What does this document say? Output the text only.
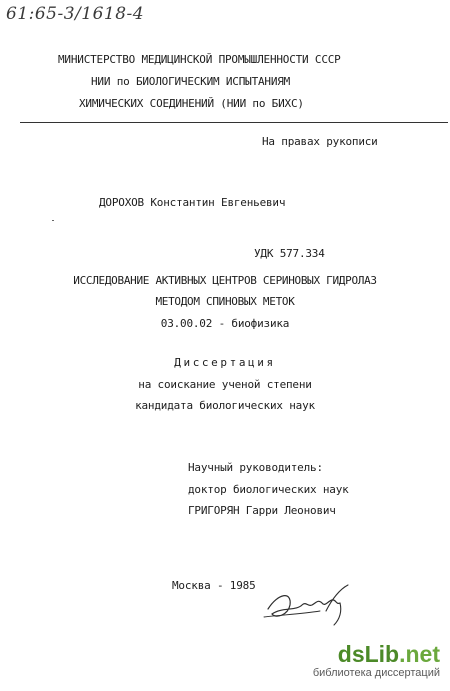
61:65-3/1618-4
МИНИСТЕРСТВО МЕДИЦИНСКОЙ ПРОМЫШЛЕННОСТИ СССР
НИИ по БИОЛОГИЧЕСКИМ ИСПЫТАНИЯМ
ХИМИЧЕСКИХ СОЕДИНЕНИЙ (НИИ по БИХС)
На правах рукописи
ДОРОХОВ Константин Евгеньевич
УДК 577.334
ИССЛЕДОВАНИЕ АКТИВНЫХ ЦЕНТРОВ СЕРИНОВЫХ ГИДРОЛАЗ
МЕТОДОМ СПИНОВЫХ МЕТОК
03.00.02 - биофизика
Диссертация
на соискание ученой степени
кандидата биологических наук
Научный руководитель:
доктор биологических наук
ГРИГОРЯН Гарри Леонович
Москва - 1985
dsLib.net
библиотека диссертаций
